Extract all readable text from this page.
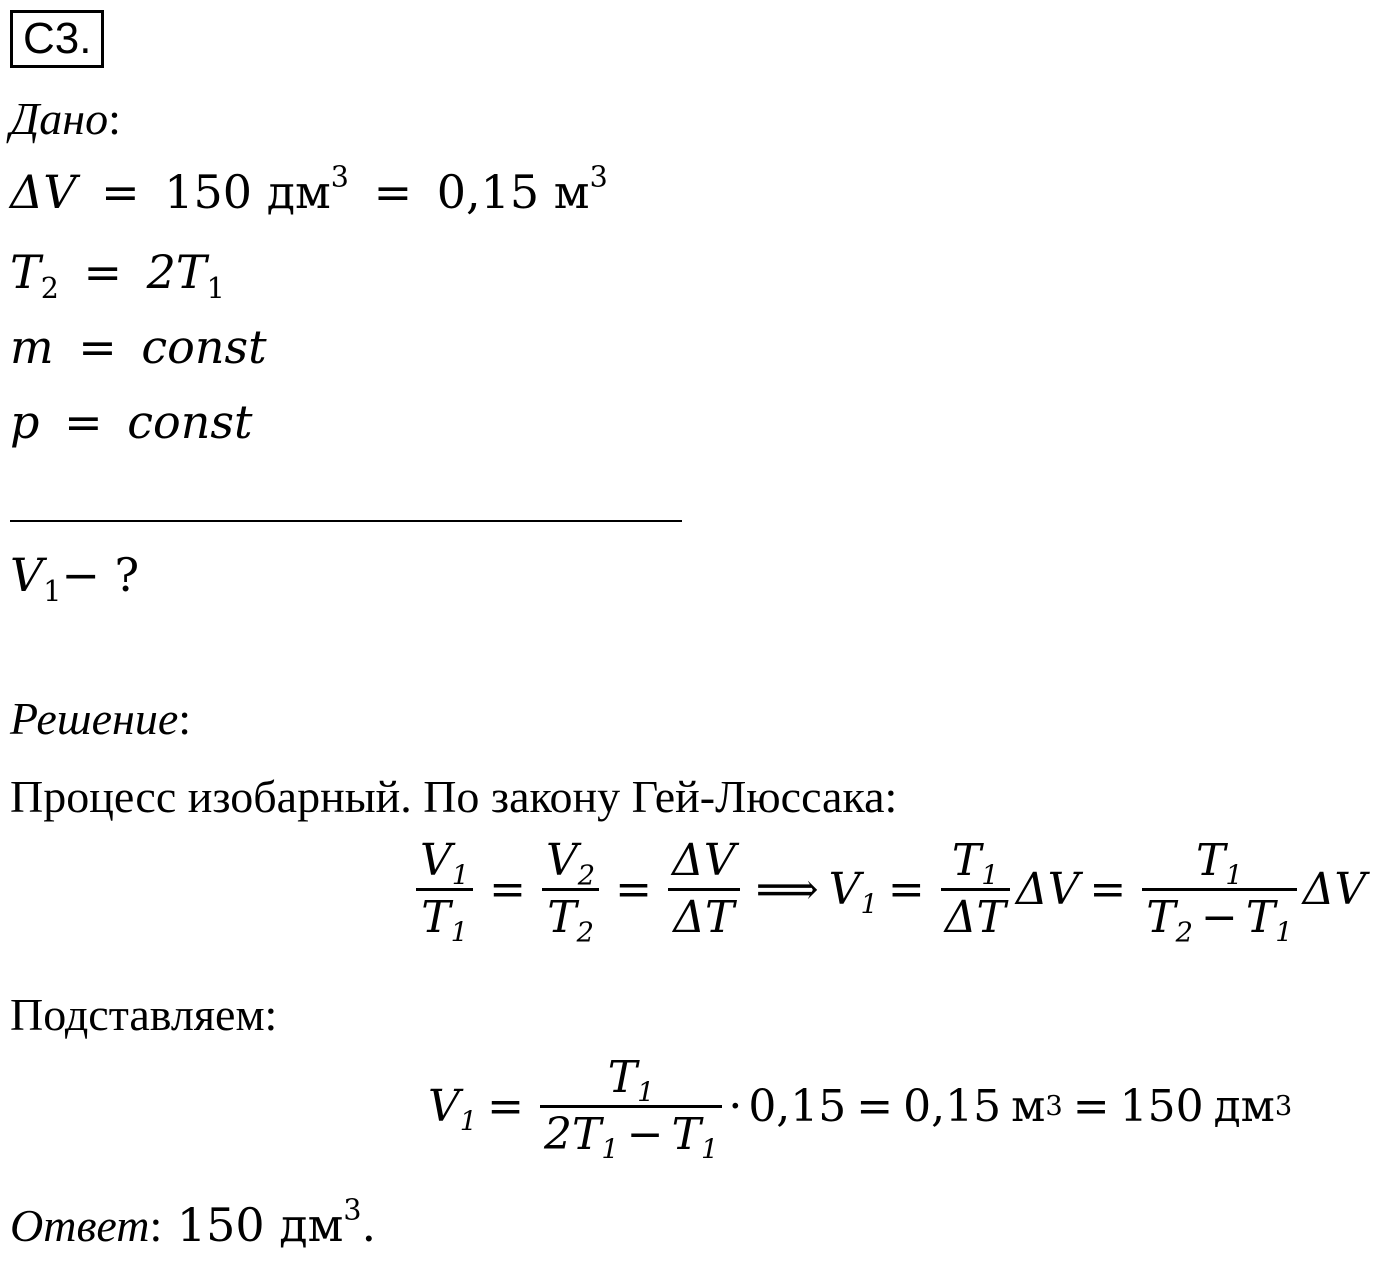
C3.
Дано:
ΔV = 150 $дм^3 = 0,15$ $м^3$
$T_2 = 2T_1$
m = const
p = const
$V_1-$ ?
Решение:
Процесс изобарный. По закону Гей-Люссака:
$\frac{V_1}{T_1} = \frac{V_2}{T_2} = \frac{\Delta V}{\Delta T}$ ⟹ $V_1 = \frac{T_1}{\Delta T}$ $\Delta V = \frac{T_1}{T_2 - T_1}$ ΔV
Подставляем:
$V_1 = \frac{T_1}{2T_1 - T_1} \cdot 0,15 = 0,15$ м 3 = 150 дм 3
Ответ: 150 $дм^3$.
